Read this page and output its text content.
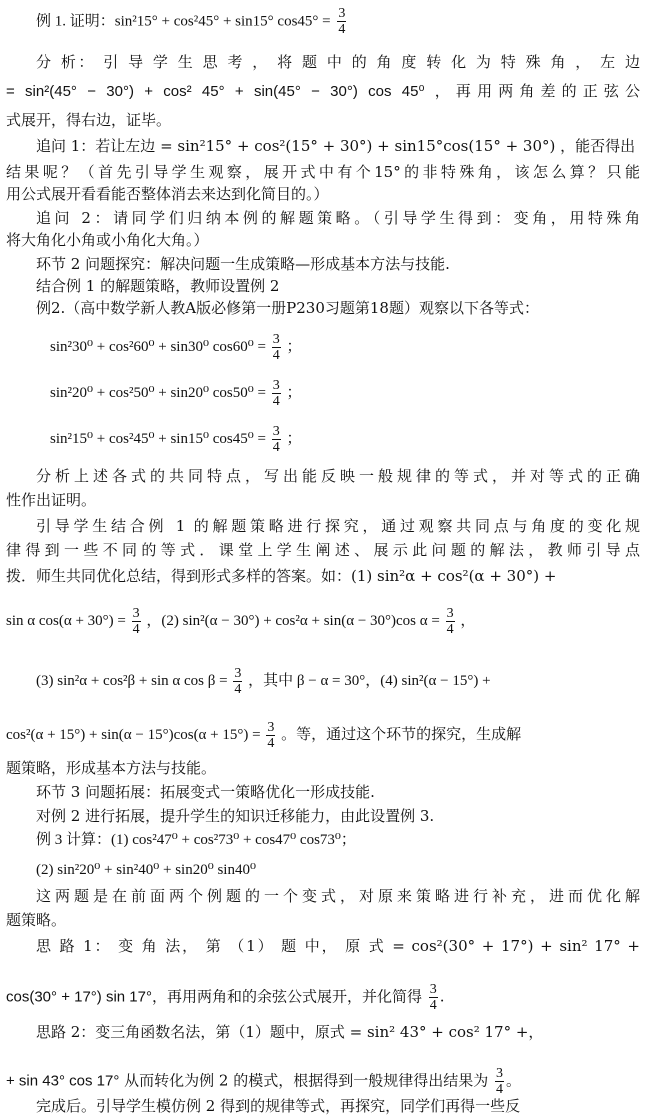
例 1. 证明：sin²15° + cos²45° + sin15° $\cos 45^\circ = \frac{3}{4}$
分 析： 引 导 学 生 思 考 ， 将 题 中 的 角 度 转 化 为 特 殊 角 ， 左 边
= sin²(45° − 30°) + cos² 45° + sin(45° − 30°) cos 45⁰ ，再用两角差的正弦公
式展开，得右边，证毕。
追问 1：若让左边 = sin²15° + cos²(15° + 30°) + sin15°cos(15° + 30°) ，能否得出
结果呢？（首先引导学生观察，展开式中有个15°的非特殊角，该怎么算？只能
用公式展开看看能否整体消去来达到化简目的。）
追问 2：请同学们归纳本例的解题策略。（引导学生得到：变角，用特殊角
将大角化小角或小角化大角。）
环节 2 问题探究：解决问题一生成策略—形成基本方法与技能.
结合例 1 的解题策略，教师设置例 2
例2.（高中数学新人教A版必修第一册P230习题第18题）观察以下各等式：
sin²30⁰ + cos²60⁰ + sin30⁰ $\cos 60^0 = \frac{3}{4}$ ；
sin²20⁰ + cos²50⁰ + sin20⁰ $\cos 50^0 = \frac{3}{4}$ ；
sin²15⁰ + cos²45⁰ + sin15⁰ $\cos 45^0 = \frac{3}{4}$ ；
分析上述各式的共同特点，写出能反映一般规律的等式，并对等式的正确
性作出证明。
引导学生结合例 1 的解题策略进行探究，通过观察共同点与角度的变化规
律得到一些不同的等式．课堂上学生阐述、展示此问题的解法，教师引导点
拨．师生共同优化总结，得到形式多样的答案。如：(1) sin²α + cos²(α + 30°) +
sin α $\cos(\alpha + 30^\circ) = \frac{3}{4}$ ，(2) sin²(α − 30°) + cos²α + sin(α − 30°)cos $\alpha = \frac{3}{4}$ ，
(3) sin²α + cos²β + sin α $\cos \beta = \frac{3}{4}$ ，其中 β − α = 30°，(4) sin²(α − 15°) +
$\cos^2(\alpha + 15^\circ) + \sin(\alpha - 15^\circ)\cos(\alpha + 15^\circ) = \frac{3}{4}$ 。等，通过这个环节的探究，生成解
题策略，形成基本方法与技能。
环节 3 问题拓展：拓展变式一策略优化一形成技能.
对例 2 进行拓展，提升学生的知识迁移能力，由此设置例 3.
例 3 计算：(1) cos²47⁰ + cos²73⁰ + cos47⁰ cos73⁰；
(2) sin²20⁰ + sin²40⁰ + sin20⁰ sin40⁰
这两题是在前面两个例题的一个变式，对原来策略进行补充，进而优化解
题策略。
思 路 1： 变 角 法， 第 （1） 题 中， 原 式 = cos²(30° + 17°) + sin² 17° +
cos(30° + 17°) sin 17°，再用两角和的余弦公式展开，并化简得 $\frac{3}{4}$ .
思路 2：变三角函数名法，第（1）题中，原式 = sin² 43° + cos² 17° +，
+ sin 43° cos 17° 从而转化为例 2 的模式，根据得到一般规律得出结果为 $\frac{3}{4}$ 。
完成后。引导学生模仿例 2 得到的规律等式，再探究，同学们再得一些反
